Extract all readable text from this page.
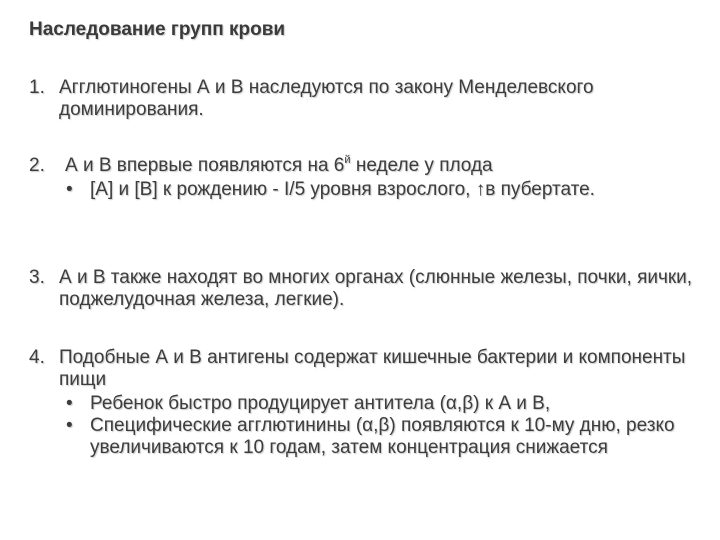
Наследование групп крови
1. Агглютиногены А и В наследуются по закону Менделевского доминирования.
2. А и В впервые появляются на $6^й$ неделе у плода
• [A] и [B] к рождению - I/5 уровня взрослого, ↑в пубертате.
3. А и В также находят во многих органах (слюнные железы, почки, яички, поджелудочная железа, легкие).
4. Подобные А и В антигены содержат кишечные бактерии и компоненты пищи
• Ребенок быстро продуцирует антитела (α,β) к А и В,
• Специфические агглютинины (α,β) появляются к 10-му дню, резко увеличиваются к 10 годам, затем концентрация снижается
